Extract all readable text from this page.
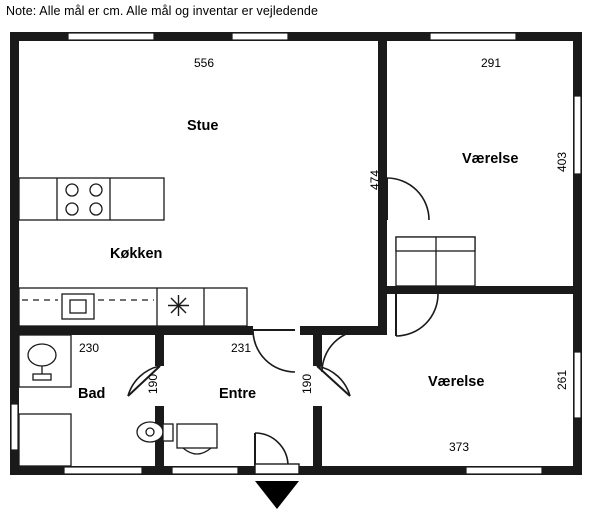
Note: Alle mål er cm. Alle mål og inventar er vejledende
Stue
Køkken
Værelse
Værelse
Bad	Entre
556	291
403
474
261
230	231
190	190
373
